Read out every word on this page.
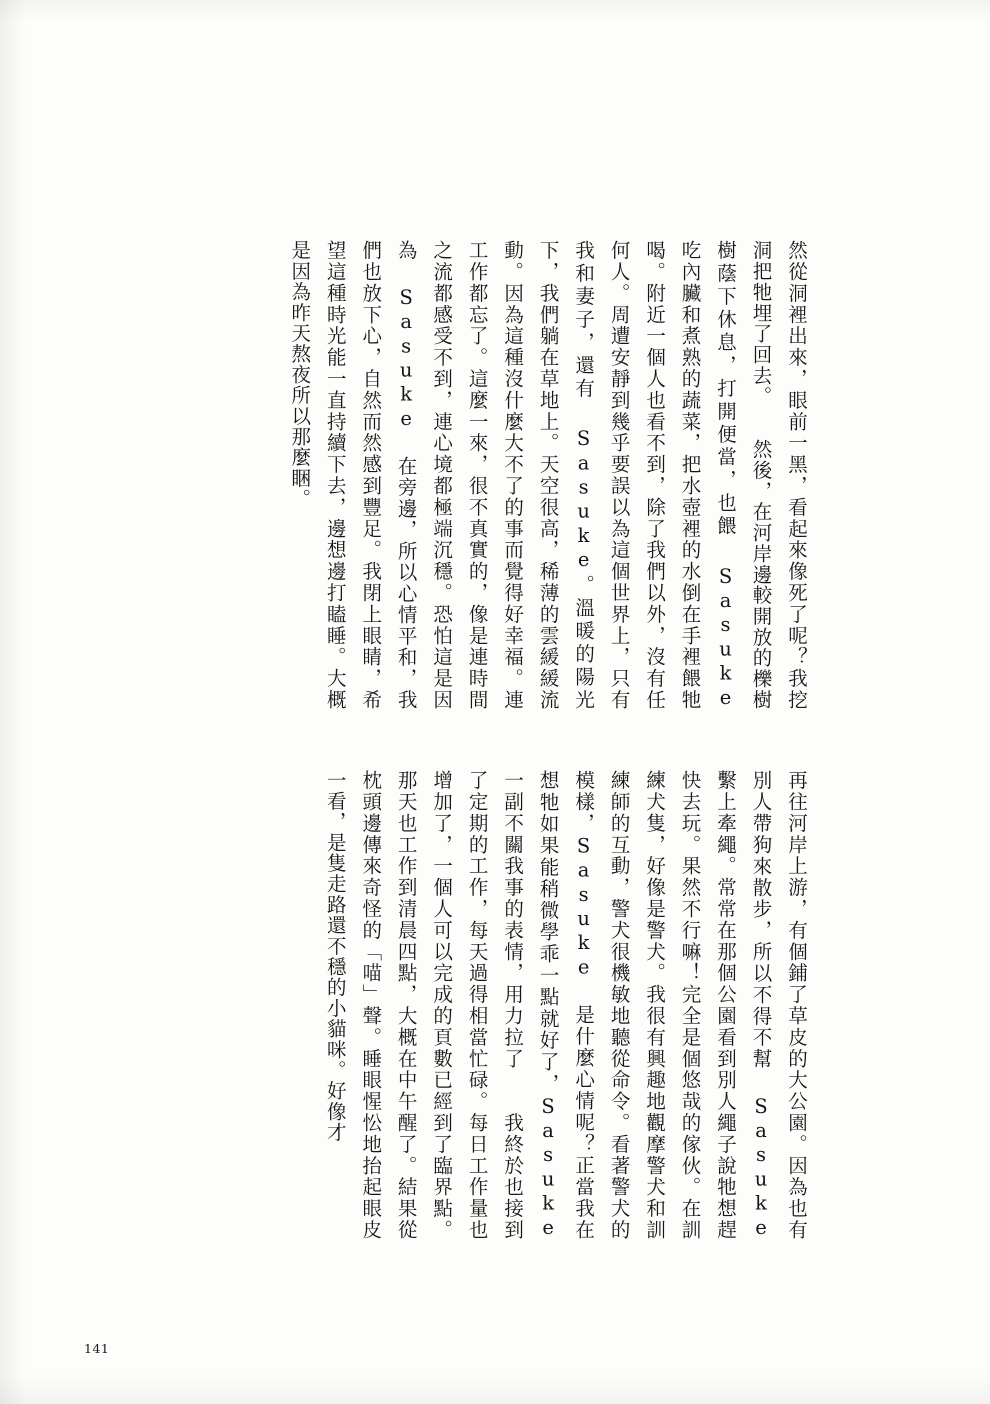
然從洞裡出來，眼前一黑，看起來像死了呢？我挖洞把牠埋了回去。　　然後，在河岸邊較開放的櫟樹樹蔭下休息，打開便當，也餵 Sasuke 吃內臟和煮熟的蔬菜，把水壺裡的水倒在手裡餵牠喝。附近一個人也看不到，除了我們以外，沒有任何人。周遭安靜到幾乎要誤以為這個世界上，只有我和妻子，還有 Sasuke。溫暖的陽光下，我們躺在草地上。天空很高，稀薄的雲緩緩流動。因為這種沒什麼大不了的事而覺得好幸福。連工作都忘了。這麼一來，很不真實的，像是連時間之流都感受不到，連心境都極端沉穩。恐怕這是因為 Sasuke 在旁邊，所以心情平和，我們也放下心，自然而然感到豐足。我閉上眼睛，希望這種時光能一直持續下去，邊想邊打瞌睡。大概是因為昨天熬夜所以那麼睏。

再往河岸上游，有個鋪了草皮的大公園。因為也有別人帶狗來散步，所以不得不幫 Sasuke 繫上牽繩。常常在那個公園看到別人繩子說牠想趕快去玩。果然不行嘛！完全是個悠哉的傢伙。在訓練犬隻，好像是警犬。我很有興趣地觀摩警犬和訓練師的互動，警犬很機敏地聽從命令。看著警犬的模樣，Sasuke 是什麼心情呢？正當我在想牠如果能稍微學乖一點就好了，Sasuke 一副不關我事的表情，用力拉了　　我終於也接到了定期的工作，每天過得相當忙碌。每日工作量也增加了，一個人可以完成的頁數已經到了臨界點。那天也工作到清晨四點，大概在中午醒了。結果從枕頭邊傳來奇怪的「喵」聲。睡眼惺忪地抬起眼皮一看，是隻走路還不穩的小貓咪。好像才

141
